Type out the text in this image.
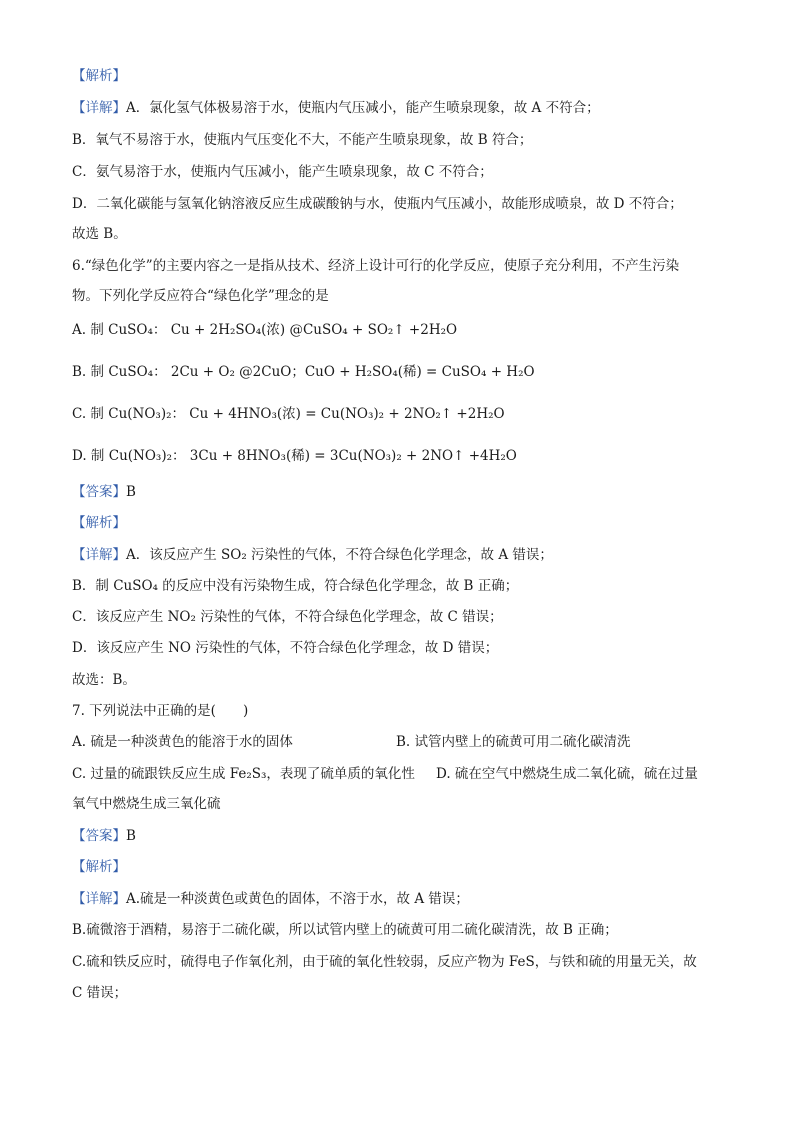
【解析】
【详解】A．氯化氢气体极易溶于水，使瓶内气压减小，能产生喷泉现象，故 A 不符合；
B．氧气不易溶于水，使瓶内气压变化不大，不能产生喷泉现象，故 B 符合；
C．氨气易溶于水，使瓶内气压减小，能产生喷泉现象，故 C 不符合；
D．二氧化碳能与氢氧化钠溶液反应生成碳酸钠与水，使瓶内气压减小，故能形成喷泉，故 D 不符合；
故选 B。
6.“绿色化学”的主要内容之一是指从技术、经济上设计可行的化学反应，使原子充分利用，不产生污染
物。下列化学反应符合“绿色化学”理念的是
A. 制 CuSO₄： Cu + 2H₂SO₄(浓) @CuSO₄ + SO₂↑ +2H₂O
B. 制 CuSO₄： 2Cu + O₂ @2CuO；CuO + H₂SO₄(稀) = CuSO₄ + H₂O
C. 制 Cu(NO₃)₂： Cu + 4HNO₃(浓) = Cu(NO₃)₂ + 2NO₂↑ +2H₂O
D. 制 Cu(NO₃)₂： 3Cu + 8HNO₃(稀) = 3Cu(NO₃)₂ + 2NO↑ +4H₂O
【答案】B
【解析】
【详解】A．该反应产生 SO₂ 污染性的气体，不符合绿色化学理念，故 A 错误；
B．制 CuSO₄ 的反应中没有污染物生成，符合绿色化学理念，故 B 正确；
C．该反应产生 NO₂ 污染性的气体，不符合绿色化学理念，故 C 错误；
D．该反应产生 NO 污染性的气体，不符合绿色化学理念，故 D 错误；
故选：B。
7. 下列说法中正确的是(　　)
A. 硫是一种淡黄色的能溶于水的固体	B. 试管内壁上的硫黄可用二硫化碳清洗
C. 过量的硫跟铁反应生成 Fe₂S₃，表现了硫单质的氧化性 D. 硫在空气中燃烧生成二氧化硫，硫在过量
氧气中燃烧生成三氧化硫
【答案】B
【解析】
【详解】A.硫是一种淡黄色或黄色的固体，不溶于水，故 A 错误；
B.硫微溶于酒精，易溶于二硫化碳，所以试管内壁上的硫黄可用二硫化碳清洗，故 B 正确；
C.硫和铁反应时，硫得电子作氧化剂，由于硫的氧化性较弱，反应产物为 FeS，与铁和硫的用量无关，故
C 错误；
